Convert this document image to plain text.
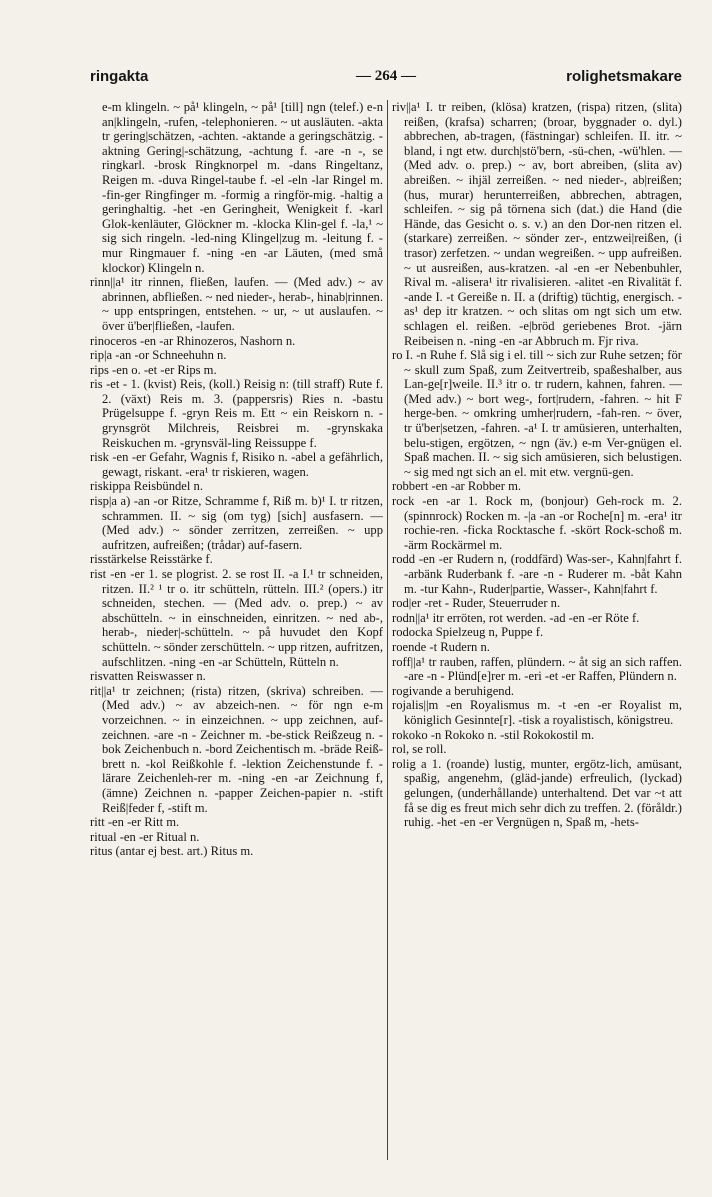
ringakta	— 264 —	rolighetsmakare

e-m klingeln. ~ på¹ klingeln, ~ på¹ [till] ngn (telef.) e-n an|klingeln, -rufen, -telephonieren. ~ ut auslӓuten. -akta tr gering|schätzen, -achten. -aktande a geringschätzig. -aktning Gering|-schätzung, -achtung f. -are -n -, se ringkarl. -brosk Ringknorpel m. -dans Ringeltanz, Reigen m. -duva Ringel-taube f. -el -eln -lar Ringel m. -fin-ger Ringfinger m. -formig a ringför-mig. -haltig a geringhaltig. -het -en Geringheit, Wenigkeit f. -karl Glok-kenläuter, Glöckner m. -klocka Klin-gel f. -la,¹ ~ sig sich ringeln. -led-ning Klingel|zug m. -leitung f. -mur Ringmauer f. -ning -en -ar Läuten, (med små klockor) Klingeln n.

rinn||a¹ itr rinnen, fließen, laufen. — (Med adv.) ~ av abrinnen, abfließen. ~ ned nieder-, herab-, hinab|rinnen. ~ upp entspringen, entstehen. ~ ur, ~ ut auslaufen. ~ över ü'ber|fließen, -laufen.

rinoceros -en -ar Rhinozeros, Nashorn n.

rip|a -an -or Schneehuhn n.

rips -en o. -et -er Rips m.

ris -et - 1. (kvist) Reis, (koll.) Reisig n: (till straff) Rute f. 2. (växt) Reis m. 3. (pappersris) Ries n. -bastu Prügelsuppe f. -gryn Reis m. Ett ~ ein Reiskorn n. -grynsgröt Milchreis, Reisbrei m. -grynskaka Reiskuchen m. -grynsväl-ling Reissuppe f.

risk -en -er Gefahr, Wagnis f, Risiko n. -abel a gefährlich, gewagt, riskant. -era¹ tr riskieren, wagen.

riskippa Reisbündel n.

risp|a a) -an -or Ritze, Schramme f, Riß m. b)¹ I. tr ritzen, schrammen. II. ~ sig (om tyg) [sich] ausfasern. — (Med adv.) ~ sönder zerritzen, zerreißen. ~ upp aufritzen, aufreißen; (trådar) auf-fasern.

risstärkelse Reisstärke f.

rist -en -er 1. se plogrist. 2. se rost II. -a I.¹ tr schneiden, ritzen. II.² ¹ tr o. itr schütteln, rütteln. III.² (opers.) itr schneiden, stechen. — (Med adv. o. prep.) ~ av abschütteln. ~ in einschneiden, einritzen. ~ ned ab-, herab-, nieder|-schütteln. ~ på huvudet den Kopf schütteln. ~ sönder zerschütteln. ~ upp ritzen, aufritzen, aufschlitzen. -ning -en -ar Schütteln, Rütteln n.

risvatten Reiswasser n.

rit||a¹ tr zeichnen; (rista) ritzen, (skriva) schreiben. — (Med adv.) ~ av abzeich-nen. ~ för ngn e-m vorzeichnen. ~ in einzeichnen. ~ upp zeichnen, auf-zeichnen. -are -n - Zeichner m. -be-stick Reißzeug n. -bok Zeichenbuch n. -bord Zeichentisch m. -bräde Reiß-brett n. -kol Reißkohle f. -lektion Zeichenstunde f. -lärare Zeichenleh-rer m. -ning -en -ar Zeichnung f, (ämne) Zeichnen n. -papper Zeichen-papier n. -stift Reiß|feder f, -stift m.

ritt -en -er Ritt m.

ritual -en -er Ritual n.

ritus (antar ej best. art.) Ritus m.

riv||a¹ I. tr reiben, (klösa) kratzen, (rispa) ritzen, (slita) reißen, (krafsa) scharren; (broar, byggnader o. dyl.) abbrechen, ab-tragen, (fästningar) schleifen. II. itr. ~ bland, i ngt etw. durch|stö'bern, -sü-chen, -wü'hlen. — (Med adv. o. prep.) ~ av, bort abreiben, (slita av) abreißen. ~ ihjäl zerreißen. ~ ned nieder-, ab|reißen; (hus, murar) herunterreißen, abbrechen, abtragen, schleifen. ~ sig på törnena sich (dat.) die Hand (die Hände, das Gesicht o. s. v.) an den Dor-nen ritzen el. (starkare) zerreißen. ~ sönder zer-, entzwei|reißen, (i trasor) zerfetzen. ~ undan wegreißen. ~ upp aufreißen. ~ ut ausreißen, aus-kratzen. -al -en -er Nebenbuhler, Rival m. -alisera¹ itr rivalisieren. -alitet -en Rivalität f. -ande I. -t Gereiße n. II. a (driftig) tüchtig, energisch. -as¹ dep itr kratzen. ~ och slitas om ngt sich um etw. schlagen el. reißen. -e|bröd geriebenes Brot. -järn Reibeisen n. -ning -en -ar Abbruch m. Fjr riva.

ro I. -n Ruhe f. Slå sig i el. till ~ sich zur Ruhe setzen; för ~ skull zum Spaß, zum Zeitvertreib, spaßeshalber, aus Lan-ge[r]weile. II.³ itr o. tr rudern, kahnen, fahren. — (Med adv.) ~ bort weg-, fort|rudern, -fahren. ~ hit F herge-ben. ~ omkring umher|rudern, -fah-ren. ~ över, tr ü'ber|setzen, -fahren. -a¹ I. tr amüsieren, unterhalten, belu-stigen, ergötzen, ~ ngn (äv.) e-m Ver-gnügen el. Spaß machen. II. ~ sig sich amüsieren, sich belustigen. ~ sig med ngt sich an el. mit etw. vergnü-gen.

robbert -en -ar Robber m.

rock -en -ar 1. Rock m, (bonjour) Geh-rock m. 2. (spinnrock) Rocken m. -|a -an -or Roche[n] m. -era¹ itr rochie-ren. -ficka Rocktasche f. -skört Rock-schoß m. -ärm Rockärmel m.

rodd -en -er Rudern n, (roddfärd) Was-ser-, Kahn|fahrt f. -arbänk Ruderbank f. -are -n - Ruderer m. -båt Kahn m. -tur Kahn-, Ruder|partie, Wasser-, Kahn|fahrt f.

rod|er -ret - Ruder, Steuerruder n.

rodn||a¹ itr erröten, rot werden. -ad -en -er Röte f.

rodocka Spielzeug n, Puppe f.

roende -t Rudern n.

roff||a¹ tr rauben, raffen, plündern. ~ åt sig an sich raffen. -are -n - Plünd[e]rer m. -eri -et -er Raffen, Plündern n.

rogivande a beruhigend.

rojalis||m -en Royalismus m. -t -en -er Royalist m, königlich Gesinnte[r]. -tisk a royalistisch, königstreu.

rokoko -n Rokoko n. -stil Rokokostil m.

rol, se roll.

rolig a 1. (roande) lustig, munter, ergötz-lich, amüsant, spaßig, angenehm, (gläd-jande) erfreulich, (lyckad) gelungen, (underhållande) unterhaltend. Det var ~t att få se dig es freut mich sehr dich zu treffen. 2. (föråldr.) ruhig. -het -en -er Vergnügen n, Spaß m, -hets-
